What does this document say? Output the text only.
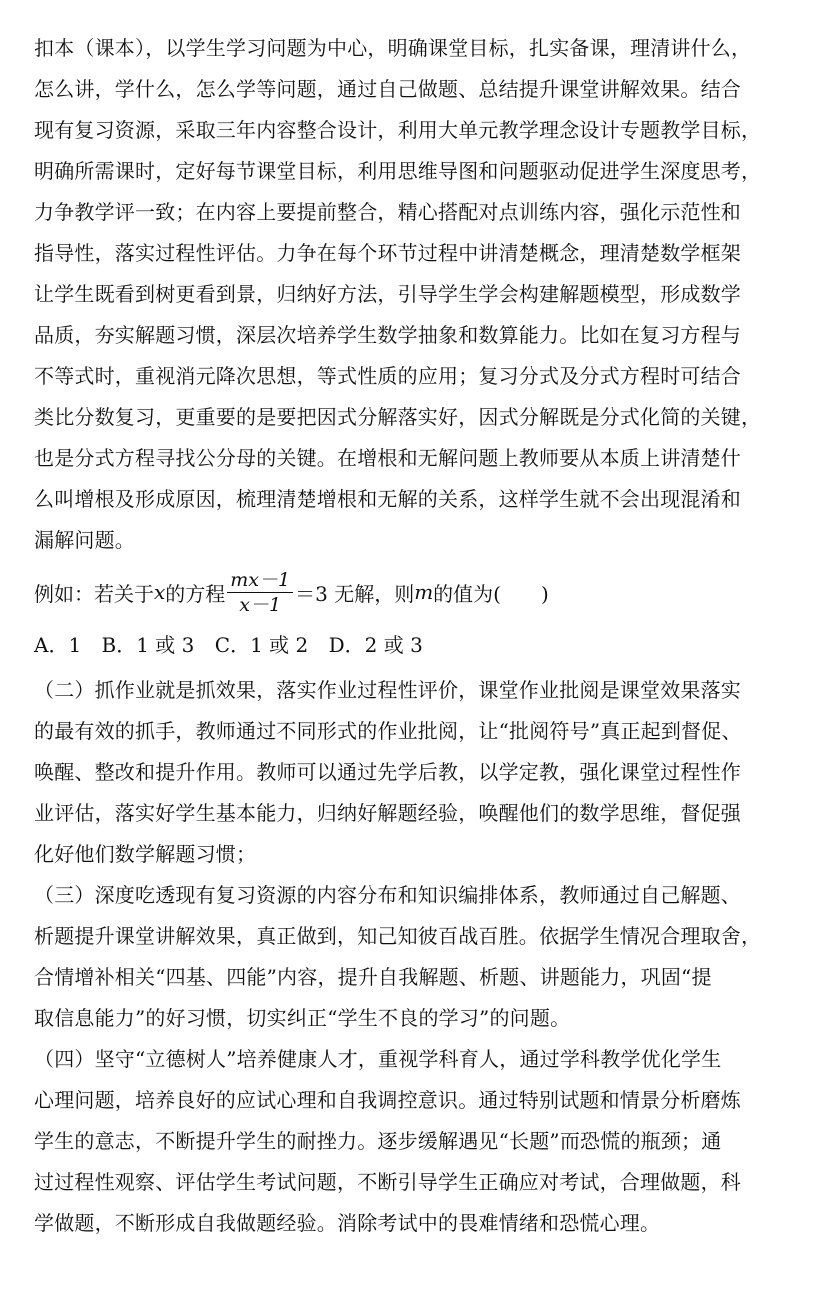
扣本（课本），以学生学习问题为中心，明确课堂目标，扎实备课，理清讲什么，
怎么讲，学什么，怎么学等问题，通过自己做题、总结提升课堂讲解效果。结合
现有复习资源，采取三年内容整合设计，利用大单元教学理念设计专题教学目标，
明确所需课时，定好每节课堂目标，利用思维导图和问题驱动促进学生深度思考，
力争教学评一致；在内容上要提前整合，精心搭配对点训练内容，强化示范性和
指导性，落实过程性评估。力争在每个环节过程中讲清楚概念，理清楚数学框架
让学生既看到树更看到景，归纳好方法，引导学生学会构建解题模型，形成数学
品质，夯实解题习惯，深层次培养学生数学抽象和数算能力。比如在复习方程与
不等式时，重视消元降次思想，等式性质的应用；复习分式及分式方程时可结合
类比分数复习，更重要的是要把因式分解落实好，因式分解既是分式化简的关键，
也是分式方程寻找公分母的关键。在增根和无解问题上教师要从本质上讲清楚什
么叫增根及形成原因，梳理清楚增根和无解的关系，这样学生就不会出现混淆和
漏解问题。
例如：若关于 x 的方程 $\frac{mx-1}{x-1} =3$ 无解，则 m 的值为(　　)
A．1 B．1 或 3 C．1 或 2 D．2 或 3
（二）抓作业就是抓效果，落实作业过程性评价，课堂作业批阅是课堂效果落实
的最有效的抓手，教师通过不同形式的作业批阅，让“批阅符号”真正起到督促、
唤醒、整改和提升作用。教师可以通过先学后教，以学定教，强化课堂过程性作
业评估，落实好学生基本能力，归纳好解题经验，唤醒他们的数学思维，督促强
化好他们数学解题习惯；
（三）深度吃透现有复习资源的内容分布和知识编排体系，教师通过自己解题、
析题提升课堂讲解效果，真正做到，知己知彼百战百胜。依据学生情况合理取舍，
合情增补相关“四基、四能”内容，提升自我解题、析题、讲题能力，巩固“提
取信息能力”的好习惯，切实纠正“学生不良的学习”的问题。
（四）坚守“立德树人”培养健康人才，重视学科育人，通过学科教学优化学生
心理问题，培养良好的应试心理和自我调控意识。通过特别试题和情景分析磨炼
学生的意志，不断提升学生的耐挫力。逐步缓解遇见“长题”而恐慌的瓶颈；通
过过程性观察、评估学生考试问题，不断引导学生正确应对考试，合理做题，科
学做题，不断形成自我做题经验。消除考试中的畏难情绪和恐慌心理。
